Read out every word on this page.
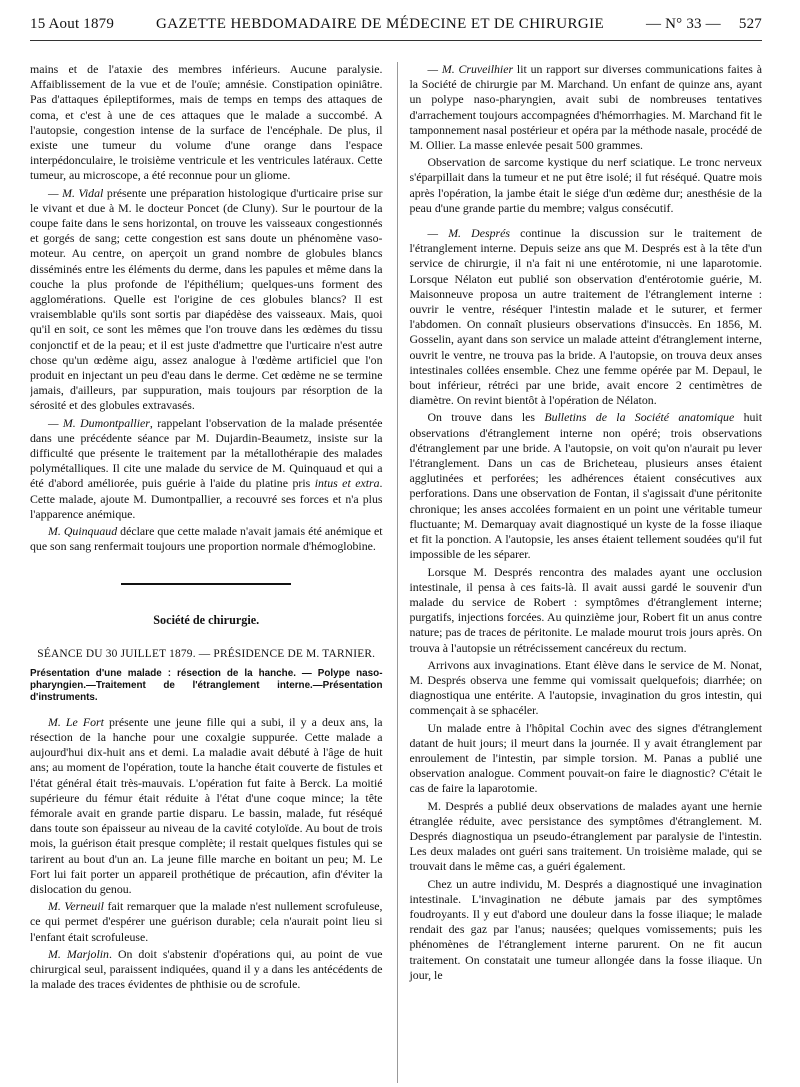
15 Aout 1879	GAZETTE HEBDOMADAIRE DE MÉDECINE ET DE CHIRURGIE	— N° 33 — 527

mains et de l'ataxie des membres inférieurs. Aucune paralysie. Affaiblissement de la vue et de l'ouïe; amnésie. Constipation opiniâtre. Pas d'attaques épileptiformes, mais de temps en temps des attaques de coma, et c'est à une de ces attaques que le malade a succombé. A l'autopsie, congestion intense de la surface de l'encéphale. De plus, il existe une tumeur du volume d'une orange dans l'espace interpédonculaire, le troisième ventricule et les ventricules latéraux. Cette tumeur, au microscope, a été reconnue pour un gliome.

— M. Vidal présente une préparation histologique d'urticaire prise sur le vivant et due à M. le docteur Poncet (de Cluny). Sur le pourtour de la coupe faite dans le sens horizontal, on trouve les vaisseaux congestionnés et gorgés de sang; cette congestion est sans doute un phénomène vaso-moteur. Au centre, on aperçoit un grand nombre de globules blancs disséminés entre les éléments du derme, dans les papules et même dans la couche la plus profonde de l'épithélium; quelques-uns forment des agglomérations. Quelle est l'origine de ces globules blancs? Il est vraisemblable qu'ils sont sortis par diapédèse des vaisseaux. Mais, quoi qu'il en soit, ce sont les mêmes que l'on trouve dans les œdèmes du tissu conjonctif et de la peau; et il est juste d'admettre que l'urticaire n'est autre chose qu'un œdème aigu, assez analogue à l'œdème artificiel que l'on produit en injectant un peu d'eau dans le derme. Cet œdème ne se termine jamais, d'ailleurs, par suppuration, mais toujours par résorption de la sérosité et des globules extravasés.

— M. Dumontpallier, rappelant l'observation de la malade présentée dans une précédente séance par M. Dujardin-Beaumetz, insiste sur la difficulté que présente le traitement par la métallothérapie des malades polymétalliques. Il cite une malade du service de M. Quinquaud et qui a été d'abord améliorée, puis guérie à l'aide du platine pris intus et extra. Cette malade, ajoute M. Dumontpallier, a recouvré ses forces et n'a plus l'apparence anémique.

M. Quinquaud déclare que cette malade n'avait jamais été anémique et que son sang renfermait toujours une proportion normale d'hémoglobine.

Société de chirurgie.
SÉANCE DU 30 JUILLET 1879. — PRÉSIDENCE DE M. TARNIER.
Présentation d'une malade : résection de la hanche. — Polype naso-pharyngien.—Traitement de l'étranglement interne.—Présentation d'instruments.

M. Le Fort présente une jeune fille qui a subi, il y a deux ans, la résection de la hanche pour une coxalgie suppurée. Cette malade a aujourd'hui dix-huit ans et demi. La maladie avait débuté à l'âge de huit ans; au moment de l'opération, toute la hanche était couverte de fistules et l'état général était très-mauvais. L'opération fut faite à Berck. La moitié supérieure du fémur était réduite à l'état d'une coque mince; la tête fémorale avait en grande partie disparu. Le bassin, malade, fut réséqué dans toute son épaisseur au niveau de la cavité cotyloïde. Au bout de trois mois, la guérison était presque complète; il restait quelques fistules qui se tarirent au bout d'un an. La jeune fille marche en boitant un peu; M. Le Fort lui fait porter un appareil prothétique de précaution, afin d'éviter la dislocation du genou.

M. Verneuil fait remarquer que la malade n'est nullement scrofuleuse, ce qui permet d'espérer une guérison durable; cela n'aurait point lieu si l'enfant était scrofuleuse.

M. Marjolin. On doit s'abstenir d'opérations qui, au point de vue chirurgical seul, paraissent indiquées, quand il y a dans les antécédents de la malade des traces évidentes de phthisie ou de scrofule.

— M. Cruveilhier lit un rapport sur diverses communications faites à la Société de chirurgie par M. Marchand. Un enfant de quinze ans, ayant un polype naso-pharyngien, avait subi de nombreuses tentatives d'arrachement toujours accompagnées d'hémorrhagies. M. Marchand fit le tamponnement nasal postérieur et opéra par la méthode nasale, procédé de M. Ollier. La masse enlevée pesait 500 grammes.

Observation de sarcome kystique du nerf sciatique. Le tronc nerveux s'éparpillait dans la tumeur et ne put être isolé; il fut réséqué. Quatre mois après l'opération, la jambe était le siége d'un œdème dur; anesthésie de la peau d'une grande partie du membre; valgus consécutif.

— M. Després continue la discussion sur le traitement de l'étranglement interne. Depuis seize ans que M. Després est à la tête d'un service de chirurgie, il n'a fait ni une entérotomie, ni une laparotomie. Lorsque Nélaton eut publié son observation d'entérotomie guérie, M. Maisonneuve proposa un autre traitement de l'étranglement interne : ouvrir le ventre, réséquer l'intestin malade et le suturer, et fermer l'abdomen. On connaît plusieurs observations d'insuccès. En 1856, M. Gosselin, ayant dans son service un malade atteint d'étranglement interne, ouvrit le ventre, ne trouva pas la bride. A l'autopsie, on trouva deux anses intestinales collées ensemble. Chez une femme opérée par M. Depaul, le bout inférieur, rétréci par une bride, avait encore 2 centimètres de diamètre. On revint bientôt à l'opération de Nélaton.

On trouve dans les Bulletins de la Société anatomique huit observations d'étranglement interne non opéré; trois observations d'étranglement par une bride. A l'autopsie, on voit qu'on n'aurait pu lever l'étranglement. Dans un cas de Bricheteau, plusieurs anses étaient agglutinées et perforées; les adhérences étaient consécutives aux perforations. Dans une observation de Fontan, il s'agissait d'une péritonite chronique; les anses accolées formaient en un point une véritable tumeur fluctuante; M. Demarquay avait diagnostiqué un kyste de la fosse iliaque et fit la ponction. A l'autopsie, les anses étaient tellement soudées qu'il fut impossible de les séparer.

Lorsque M. Després rencontra des malades ayant une occlusion intestinale, il pensa à ces faits-là. Il avait aussi gardé le souvenir d'un malade du service de Robert : symptômes d'étranglement interne; purgatifs, injections forcées. Au quinzième jour, Robert fit un anus contre nature; pas de traces de péritonite. Le malade mourut trois jours après. On trouva à l'autopsie un rétrécissement cancéreux du rectum.

Arrivons aux invaginations. Etant élève dans le service de M. Nonat, M. Després observa une femme qui vomissait quelquefois; diarrhée; on diagnostiqua une entérite. A l'autopsie, invagination du gros intestin, qui commençait à se sphacéler.

Un malade entre à l'hôpital Cochin avec des signes d'étranglement datant de huit jours; il meurt dans la journée. Il y avait étranglement par enroulement de l'intestin, par simple torsion. M. Panas a publié une observation analogue. Comment pouvait-on faire le diagnostic? C'était le cas de faire la laparotomie.

M. Després a publié deux observations de malades ayant une hernie étranglée réduite, avec persistance des symptômes d'étranglement. M. Després diagnostiqua un pseudo-étranglement par paralysie de l'intestin. Les deux malades ont guéri sans traitement. Un troisième malade, qui se trouvait dans le même cas, a guéri également.

Chez un autre individu, M. Després a diagnostiqué une invagination intestinale. L'invagination ne débute jamais par des symptômes foudroyants. Il y eut d'abord une douleur dans la fosse iliaque; le malade rendait des gaz par l'anus; nausées; quelques vomissements; puis les phénomènes de l'étranglement interne parurent. On ne fit aucun traitement. On constatait une tumeur allongée dans la fosse iliaque. Un jour, le
